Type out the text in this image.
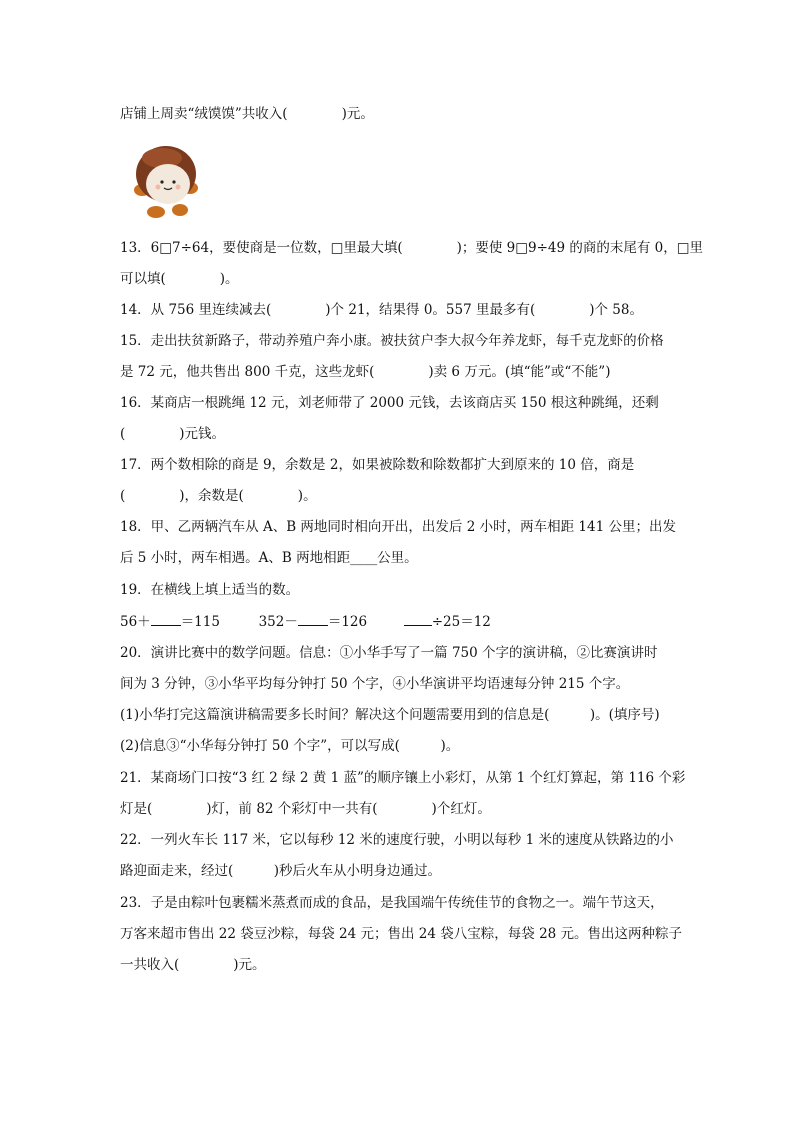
店铺上周卖“绒馍馍”共收入(　　　　)元。
13．6□7÷64，要使商是一位数，□里最大填(　　　　)；要使 9□9÷49 的商的末尾有 0，□里
可以填(　　　　)。
14．从 756 里连续减去(　　　　)个 21，结果得 0。557 里最多有(　　　　)个 58。
15．走出扶贫新路子，带动养殖户奔小康。被扶贫户李大叔今年养龙虾，每千克龙虾的价格
是 72 元，他共售出 800 千克，这些龙虾(　　　　)卖 6 万元。(填“能”或“不能”)
16．某商店一根跳绳 12 元，刘老师带了 2000 元钱，去该商店买 150 根这种跳绳，还剩
(　　　　)元钱。
17．两个数相除的商是 9，余数是 2，如果被除数和除数都扩大到原来的 10 倍，商是
(　　　　)，余数是(　　　　)。
18．甲、乙两辆汽车从 A、B 两地同时相向开出，出发后 2 小时，两车相距 141 公里；出发
后 5 小时，两车相遇。A、B 两地相距____公里。
19．在横线上填上适当的数。
56＋ ＝115	352－ ＝126	÷25＝12
20．演讲比赛中的数学问题。信息：①小华手写了一篇 750 个字的演讲稿，②比赛演讲时
间为 3 分钟，③小华平均每分钟打 50 个字，④小华演讲平均语速每分钟 215 个字。
(1)小华打完这篇演讲稿需要多长时间？解决这个问题需要用到的信息是(　　　)。(填序号)
(2)信息③“小华每分钟打 50 个字”，可以写成(　　　)。
21．某商场门口按“3 红 2 绿 2 黄 1 蓝”的顺序镶上小彩灯，从第 1 个红灯算起，第 116 个彩
灯是(　　　　)灯，前 82 个彩灯中一共有(　　　　)个红灯。
22．一列火车长 117 米，它以每秒 12 米的速度行驶，小明以每秒 1 米的速度从铁路边的小
路迎面走来，经过(　　　)秒后火车从小明身边通过。
23．子是由粽叶包裹糯米蒸煮而成的食品，是我国端午传统佳节的食物之一。端午节这天，
万客来超市售出 22 袋豆沙粽，每袋 24 元；售出 24 袋八宝粽，每袋 28 元。售出这两种粽子
一共收入(　　　　)元。
